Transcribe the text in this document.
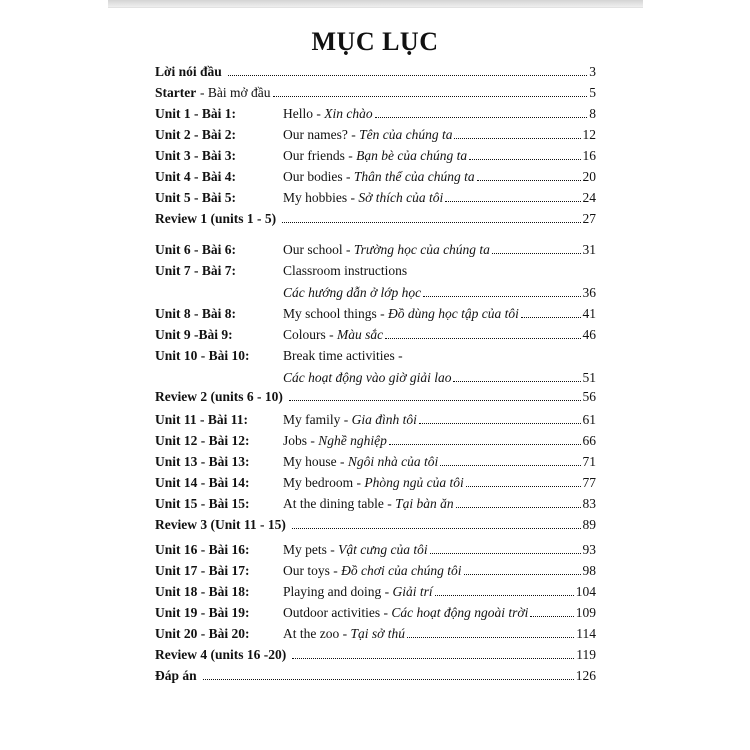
MỤC LỤC
Lời nói đầu	3
Starter - Bài mở đầu	5
Unit 1 - Bài 1:	Hello - Xin chào	8
Unit 2 - Bài 2:	Our names? - Tên của chúng ta	12
Unit 3 - Bài 3:	Our friends - Bạn bè của chúng ta	16
Unit 4 - Bài 4:	Our bodies - Thân thể của chúng ta	20
Unit 5 - Bài 5:	My hobbies - Sở thích của tôi	24
Review 1 (units 1 - 5)	27
Unit 6 - Bài 6:	Our school - Trường học của chúng ta	31
Unit 7 - Bài 7:	Classroom instructions
Các hướng dẫn ở lớp học	36
Unit 8 - Bài 8:	My school things - Đồ dùng học tập của tôi	41
Unit 9 -Bài 9:	Colours - Màu sắc	46
Unit 10 - Bài 10: Break time activities -
Các hoạt động vào giờ giải lao	51
Review 2 (units 6 - 10)	56
Unit 11 - Bài 11:	My family - Gia đình tôi	61
Unit 12 - Bài 12: Jobs - Nghề nghiệp	66
Unit 13 - Bài 13: My house - Ngôi nhà của tôi	71
Unit 14 - Bài 14: My bedroom - Phòng ngủ của tôi	77
Unit 15 - Bài 15: At the dining table - Tại bàn ăn	83
Review 3 (Unit 11 - 15)	89
Unit 16 - Bài 16: My pets - Vật cưng của tôi	93
Unit 17 - Bài 17: Our toys - Đồ chơi của chúng tôi	98
Unit 18 - Bài 18: Playing and doing - Giải trí	104
Unit 19 - Bài 19: Outdoor activities - Các hoạt động ngoài trời	109
Unit 20 - Bài 20: At the zoo - Tại sở thú	114
Review 4 (units 16 -20)	119
Đáp án	126
